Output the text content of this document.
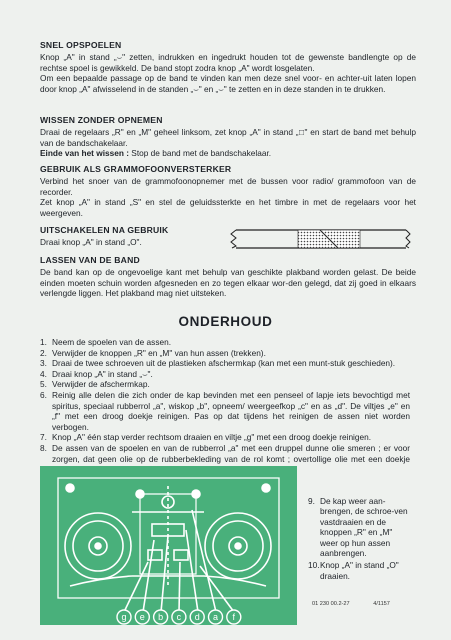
SNEL OPSPOELEN

Knop „A" in stand „⌣" zetten, indrukken en ingedrukt houden tot de gewenste bandlengte op de rechtse spoel is gewikkeld. De band stopt zodra knop „A" wordt losgelaten.

Om een bepaalde passage op de band te vinden kan men deze snel voor- en achter-uit laten lopen door knop „A" afwisselend in de standen „⌣" en „⌣" te zetten en in deze standen in te drukken.

WISSEN ZONDER OPNEMEN

Draai de regelaars „R" en „M" geheel linksom, zet knop „A" in stand „□" en start de band met behulp van de bandschakelaar.

Einde van het wissen : Stop de band met de bandschakelaar.

GEBRUIK ALS GRAMMOFOONVERSTERKER

Verbind het snoer van de grammofoonopnemer met de bussen voor radio/ grammofoon van de recorder.

Zet knop „A" in stand „S" en stel de geluidssterkte en het timbre in met de regelaars voor het weergeven.

UITSCHAKELEN NA GEBRUIK

Draai knop „A" in stand „O".

LASSEN VAN DE BAND

De band kan op de ongevoelige kant met behulp van geschikte plakband worden gelast. De beide einden moeten schuin worden afgesneden en zo tegen elkaar wor-den gelegd, dat zij goed in elkaars verlengde liggen. Het plakband mag niet uitsteken.

ONDERHOUD
1. Neem de spoelen van de assen.
2. Verwijder de knoppen „R" en „M" van hun assen (trekken).
3. Draai de twee schroeven uit de plastieken afschermkap (kan met een munt-stuk geschieden).
4. Draai knop „A" in stand „⌣".
5. Verwijder de afschermkap.
6. Reinig alle delen die zich onder de kap bevinden met een penseel of lapje iets bevochtigd met spiritus, speciaal rubberrol „a", wiskop „b", opneem/ weergeefkop „c" en as „d". De viltjes „e" en „f" met een droog doekje reinigen. Pas op dat tijdens het reinigen de assen niet worden verbogen.
7. Knop „A" één stap verder rechtsom draaien en viltje „g" met een droog doekje reinigen.
8. De assen van de spoelen en van de rubberrol „a" met een druppel dunne olie smeren ; er voor zorgen, dat geen olie op de rubberbekleding van de rol komt ; overtollige olie met een doekje
g e b c d a f
9. De kap weer aan-brengen, de schroe-ven vastdraaien en de knoppen „R" en „M" weer op hun assen aanbrengen.
10. Knop „A" in stand „O" draaien.
01 230 00.2-27	4/1157
